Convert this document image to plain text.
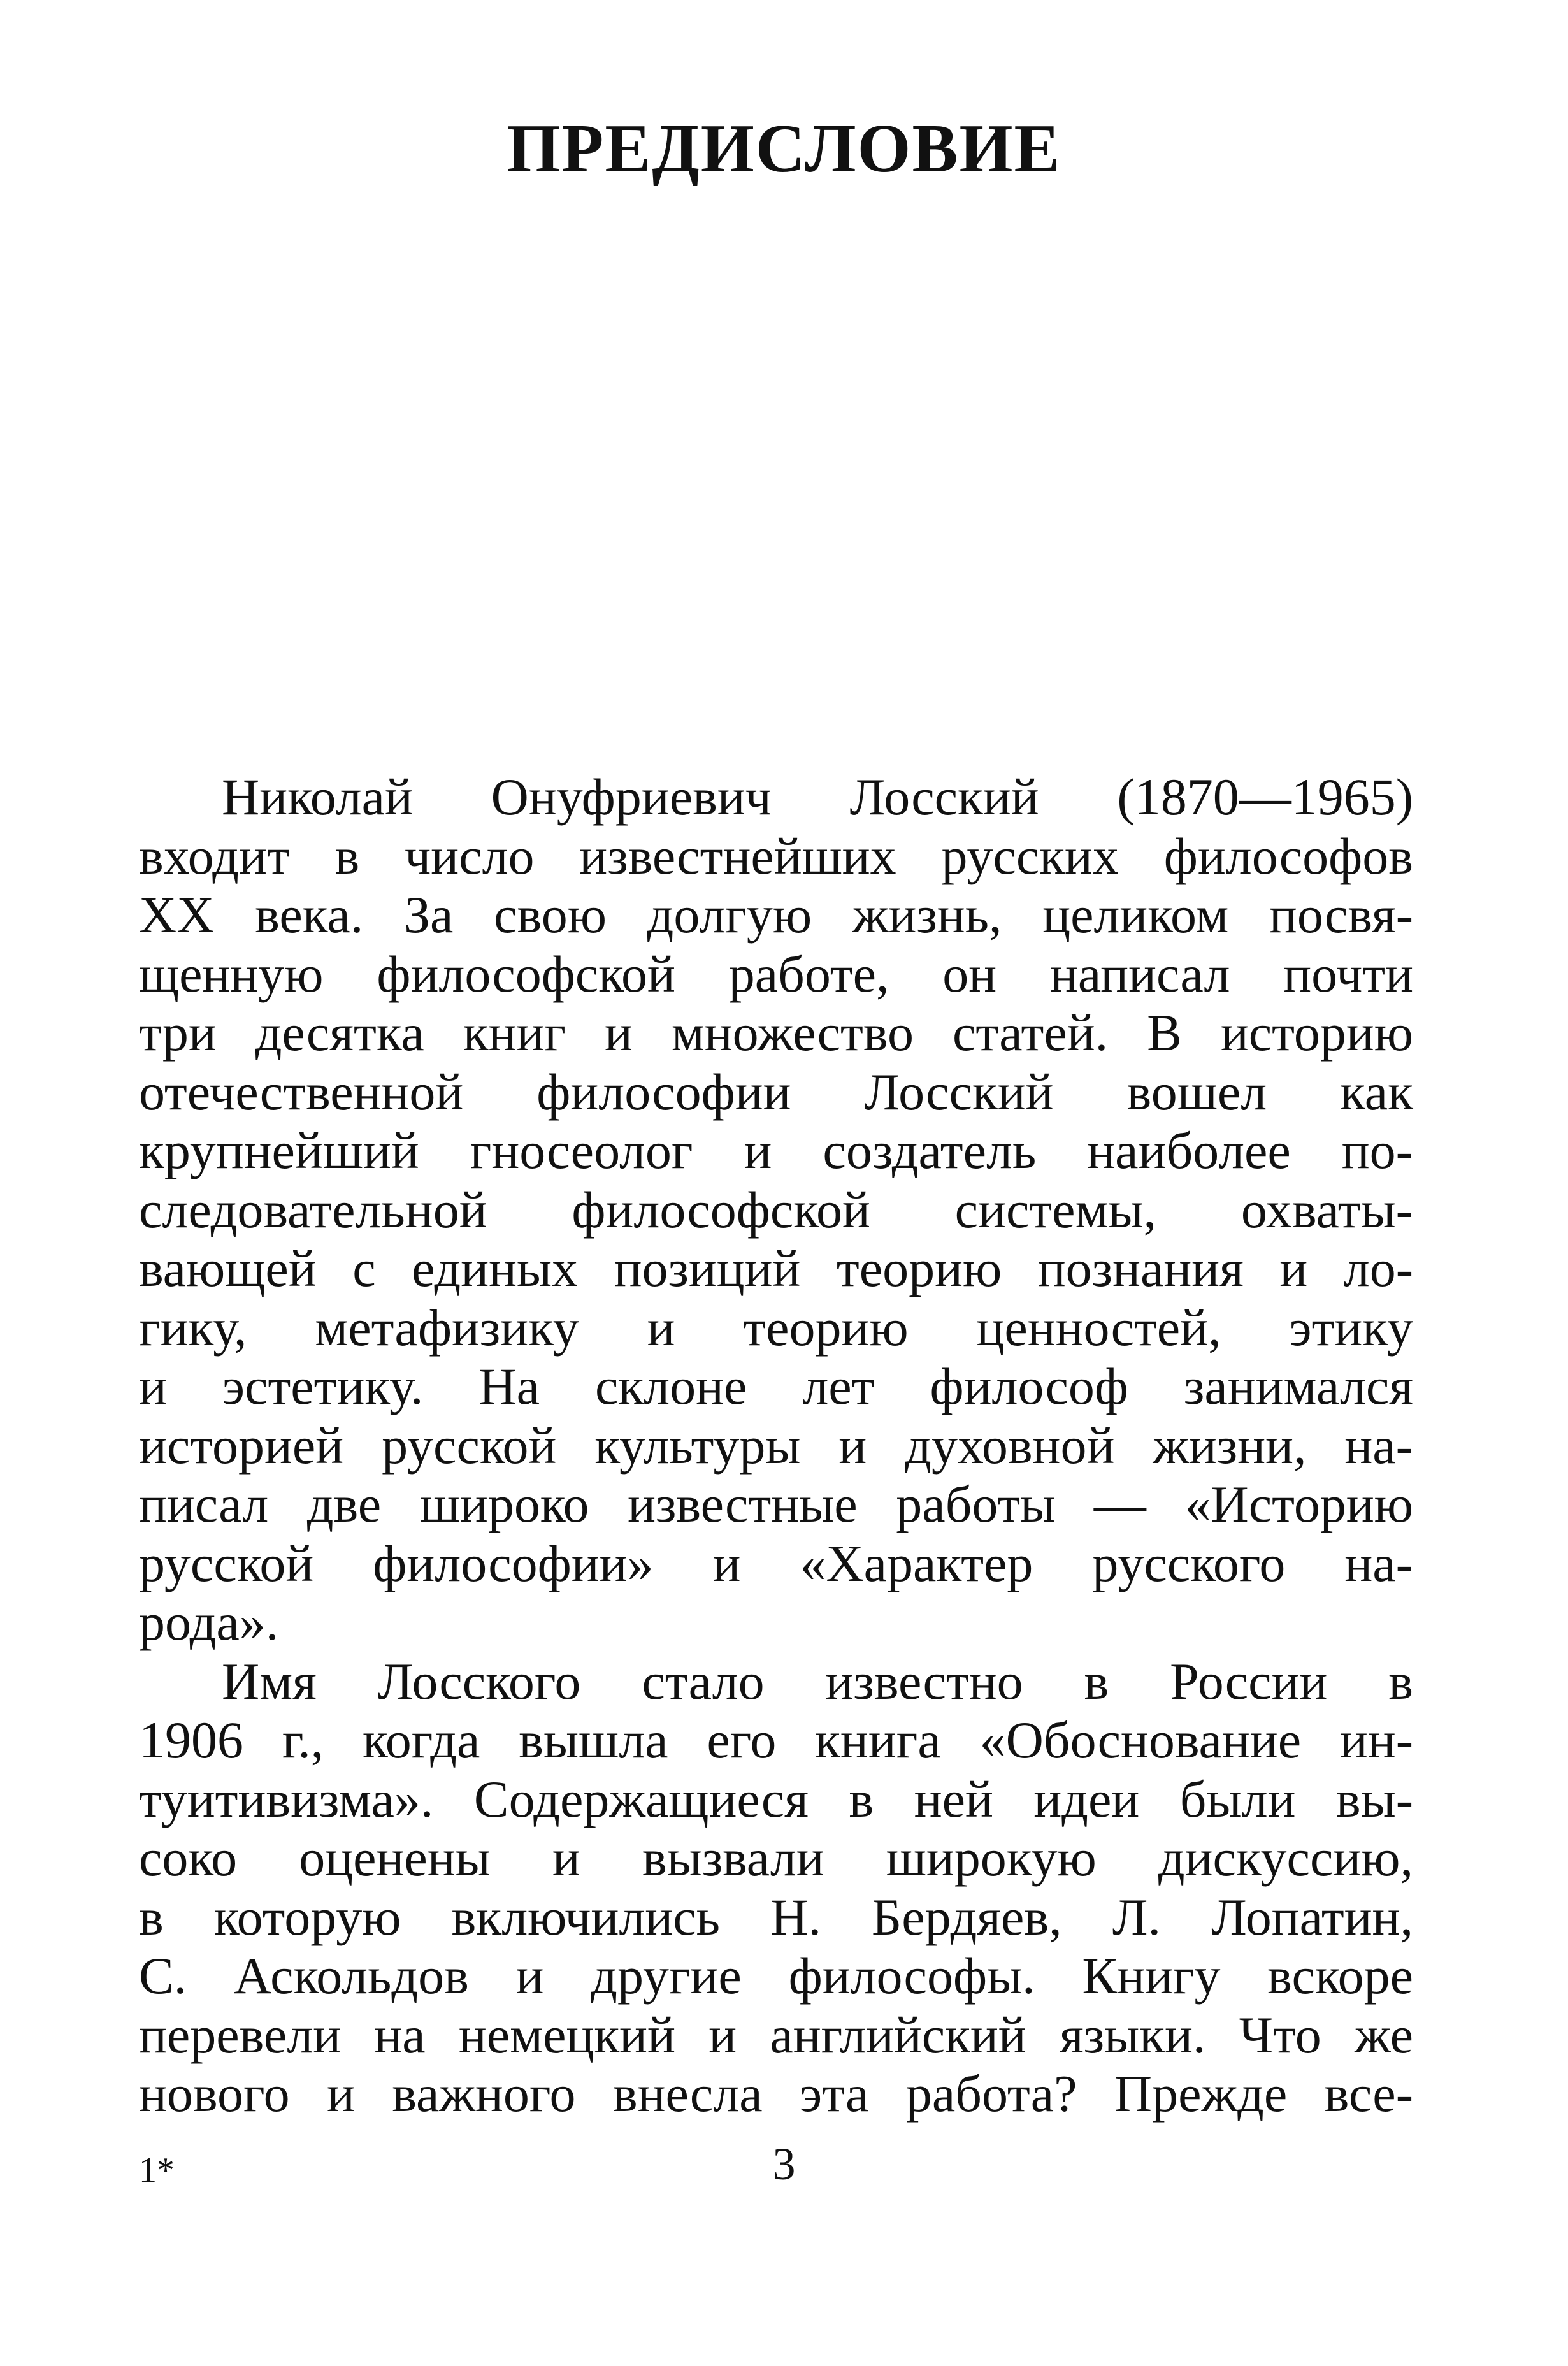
ПРЕДИСЛОВИЕ
Николай Онуфриевич Лосский (1870—1965)
входит в число известнейших русских философов
XX века. За свою долгую жизнь, целиком посвя-
щенную философской работе, он написал почти
три десятка книг и множество статей. В историю
отечественной философии Лосский вошел как
крупнейший гносеолог и создатель наиболее по-
следовательной философской системы, охваты-
вающей с единых позиций теорию познания и ло-
гику, метафизику и теорию ценностей, этику
и эстетику. На склоне лет философ занимался
историей русской культуры и духовной жизни, на-
писал две широко известные работы — «Историю
русской философии» и «Характер русского на-
рода».
Имя Лосского стало известно в России в
1906 г., когда вышла его книга «Обоснование ин-
туитивизма». Содержащиеся в ней идеи были вы-
соко оценены и вызвали широкую дискуссию,
в которую включились Н. Бердяев, Л. Лопатин,
С. Аскольдов и другие философы. Книгу вскоре
перевели на немецкий и английский языки. Что же
нового и важного внесла эта работа? Прежде все-
1*	3
